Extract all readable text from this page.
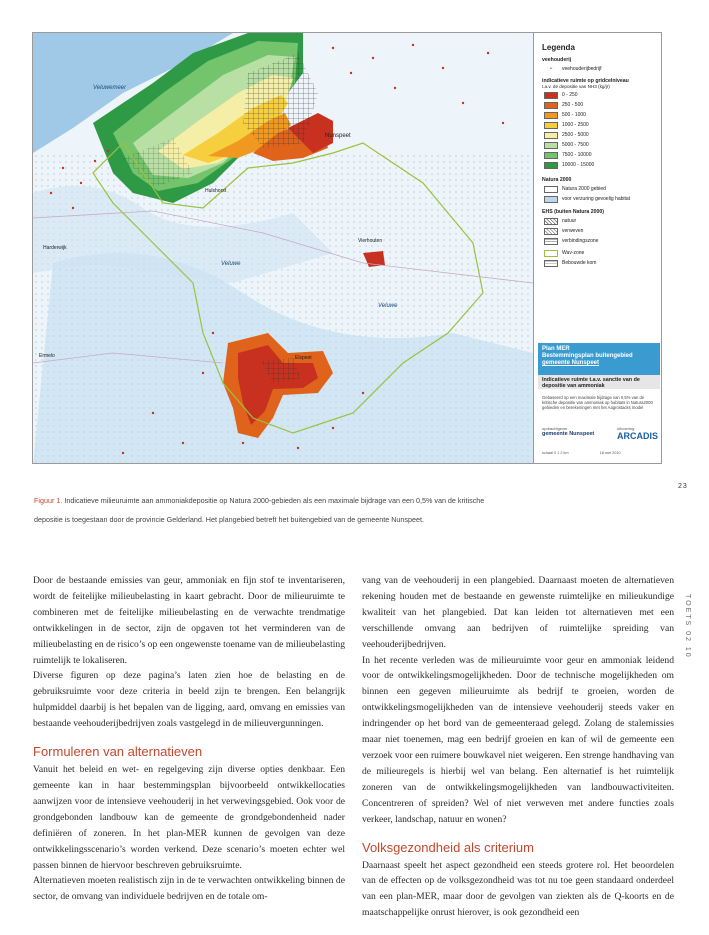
Veluwemeer
Nunspeet
Hulshorst
Harderwijk
Veluwe
Veluwe
Vierhouten
Ermelo	Elspeet
Legenda
veehouderij
•	veehouderijbedrijf
indicatieve ruimte op gridcelniveau
t.a.v. de depositie van NH3 (kg/jr)
0 - 250
250 - 500
500 - 1000
1000 - 2500
2500 - 5000
5000 - 7500
7500 - 10000
10000 - 15000
Natura 2000
Natura 2000 gebied
voor verzuring gevoelig habitat
EHS (buiten Natura 2000)
natuur
verweven
verbindingszone
Wav-zone
Bebouwde kom
Plan MER
Bestemmingsplan buitengebied
gemeente Nunspeet
Indicatieve ruimte t.a.v. sanctie van de depositie van ammoniak
Gebaseerd op een maximale bijdrage van 0,5% van de kritische depositie van ammoniak op habitats in Natura2000 gebieden en berekeningen met het Aagrostacks model
opdrachtgever
gemeente Nunspeet
uitvoering
ARCADIS
schaal 0 1 2 km	18 mei 2010
23
Figuur 1. Indicatieve milieuruimte aan ammoniakdepositie op Natura 2000-gebieden als een maximale bijdrage van een 0,5% van de kritische
depositie is toegestaan door de provincie Gelderland. Het plangebied betreft het buitengebied van de gemeente Nunspeet.
TOETS 02 10

Door de bestaande emissies van geur, ammoniak en fijn stof te inventariseren, wordt de feitelijke milieubelasting in kaart gebracht. Door de milieuruimte te combineren met de feitelijke milieubelasting en de verwachte trendmatige ontwikkelingen in de sector, zijn de opgaven tot het verminderen van de milieubelasting en de risico’s op een ongewenste toename van de milieubelasting ruimtelijk te lokaliseren.

Diverse figuren op deze pagina’s laten zien hoe de belasting en de gebruiksruimte voor deze criteria in beeld zijn te brengen. Een belangrijk hulpmiddel daarbij is het bepalen van de ligging, aard, omvang en emissies van bestaande veehouderijbedrijven zoals vastgelegd in de milieuvergunningen.

Formuleren van alternatieven

Vanuit het beleid en wet- en regelgeving zijn diverse opties denkbaar. Een gemeente kan in haar bestemmingsplan bijvoorbeeld ontwikkellocaties aanwijzen voor de intensieve veehouderij in het verwevingsgebied. Ook voor de grondgebonden landbouw kan de gemeente de grondgebondenheid nader definiëren of zoneren. In het plan-MER kunnen de gevolgen van deze ontwikkelingsscenario’s worden verkend. Deze scenario’s moeten echter wel passen binnen de hiervoor beschreven gebruiksruimte.

Alternatieven moeten realistisch zijn in de te verwachten ontwikkeling binnen de sector, de omvang van individuele bedrijven en de totale om-

vang van de veehouderij in een plangebied. Daarnaast moeten de alternatieven rekening houden met de bestaande en gewenste ruimtelijke en milieukundige kwaliteit van het plangebied. Dat kan leiden tot alternatieven met een verschillende omvang aan bedrijven of ruimtelijke spreiding van veehouderijbedrijven.

In het recente verleden was de milieuruimte voor geur en ammoniak leidend voor de ontwikkelingsmogelijkheden. Door de technische mogelijkheden om binnen een gegeven milieuruimte als bedrijf te groeien, worden de ontwikkelingsmogelijkheden van de intensieve veehouderij steeds vaker en indringender op het bord van de gemeenteraad gelegd. Zolang de stalemissies maar niet toenemen, mag een bedrijf groeien en kan of wil de gemeente een verzoek voor een ruimere bouwkavel niet weigeren. Een strenge handhaving van de milieuregels is hierbij wel van belang. Een alternatief is het ruimtelijk zoneren van de ontwikkelingsmogelijkheden van landbouwactiviteiten. Concentreren of spreiden? Wel of niet verweven met andere functies zoals verkeer, landschap, natuur en wonen?

Volksgezondheid als criterium

Daarnaast speelt het aspect gezondheid een steeds grotere rol. Het beoordelen van de effecten op de volksgezondheid was tot nu toe geen standaard onderdeel van een plan-MER, maar door de gevolgen van ziekten als de Q-koorts en de maatschappelijke onrust hierover, is ook gezondheid een
